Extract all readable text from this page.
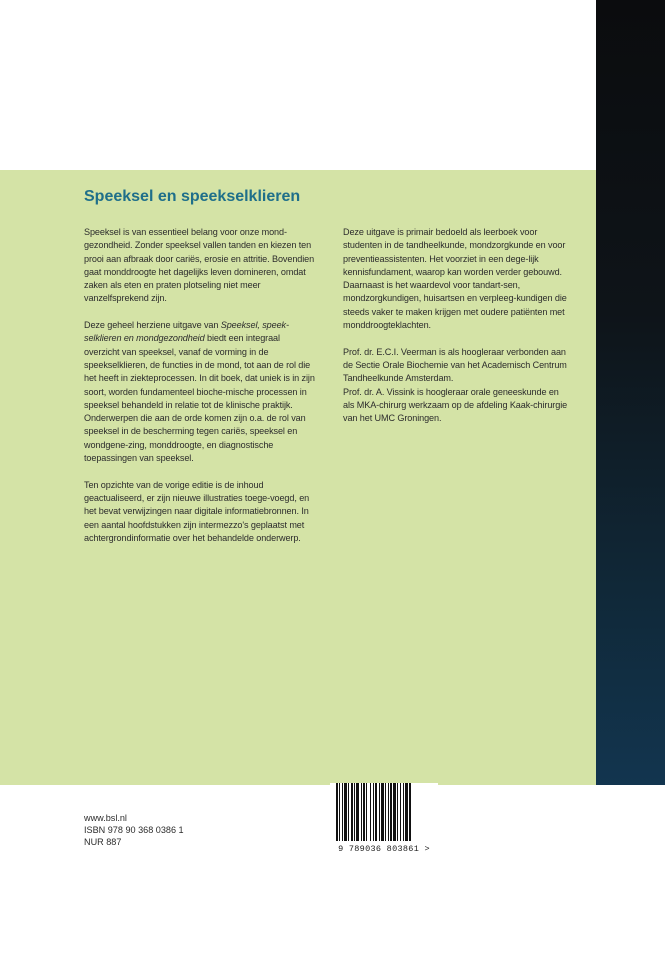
Speeksel en speekselklieren

Speeksel is van essentieel belang voor onze mond-gezondheid. Zonder speeksel vallen tanden en kiezen ten prooi aan afbraak door cariës, erosie en attritie. Bovendien gaat monddroogte het dagelijks leven domineren, omdat zaken als eten en praten plotseling niet meer vanzelfsprekend zijn.

Deze geheel herziene uitgave van Speeksel, speek-selklieren en mondgezondheid biedt een integraal overzicht van speeksel, vanaf de vorming in de speekselklieren, de functies in de mond, tot aan de rol die het heeft in ziekteprocessen. In dit boek, dat uniek is in zijn soort, worden fundamenteel bioche-mische processen in speeksel behandeld in relatie tot de klinische praktijk. Onderwerpen die aan de orde komen zijn o.a. de rol van speeksel in de bescherming tegen cariës, speeksel en wondgene-zing, monddroogte, en diagnostische toepassingen van speeksel.

Ten opzichte van de vorige editie is de inhoud geactualiseerd, er zijn nieuwe illustraties toege-voegd, en het bevat verwijzingen naar digitale informatiebronnen. In een aantal hoofdstukken zijn intermezzo's geplaatst met achtergrondinformatie over het behandelde onderwerp.

Deze uitgave is primair bedoeld als leerboek voor studenten in de tandheelkunde, mondzorgkunde en voor preventieassistenten. Het voorziet in een dege-lijk kennisfundament, waarop kan worden verder gebouwd. Daarnaast is het waardevol voor tandart-sen, mondzorgkundigen, huisartsen en verpleeg-kundigen die steeds vaker te maken krijgen met oudere patiënten met monddroogteklachten.

Prof. dr. E.C.I. Veerman is als hoogleraar verbonden aan de Sectie Orale Biochemie van het Academisch Centrum Tandheelkunde Amsterdam.
Prof. dr. A. Vissink is hoogleraar orale geneeskunde en als MKA-chirurg werkzaam op de afdeling Kaak-chirurgie van het UMC Groningen.

www.bsl.nl
ISBN 978 90 368 0386 1
NUR 887
9 789036 803861 >
